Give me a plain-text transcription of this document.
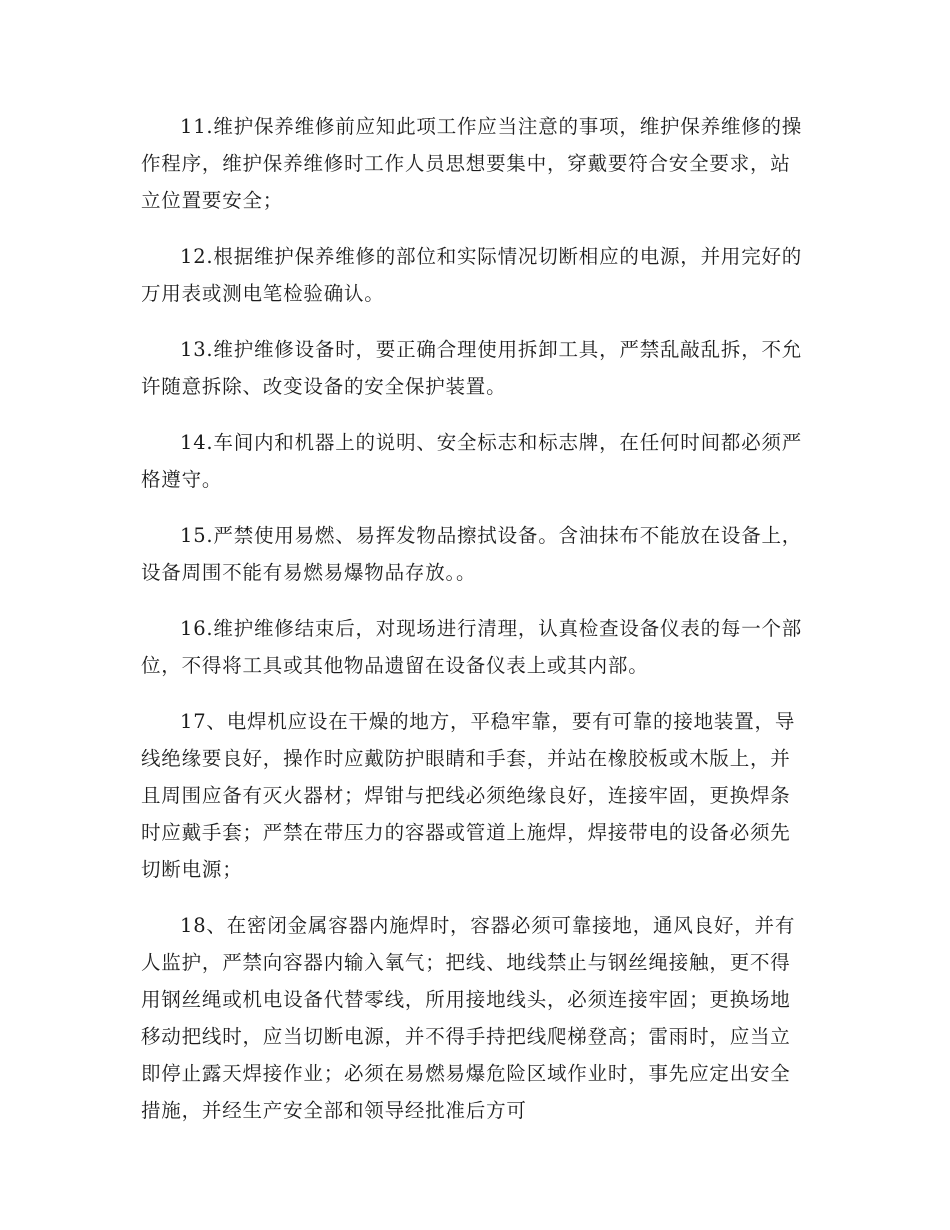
11.维护保养维修前应知此项工作应当注意的事项，维护保养维修的操作程序，维护保养维修时工作人员思想要集中，穿戴要符合安全要求，站立位置要安全；

12.根据维护保养维修的部位和实际情况切断相应的电源，并用完好的万用表或测电笔检验确认。

13.维护维修设备时，要正确合理使用拆卸工具，严禁乱敲乱拆，不允许随意拆除、改变设备的安全保护装置。

14.车间内和机器上的说明、安全标志和标志牌，在任何时间都必须严格遵守。

15.严禁使用易燃、易挥发物品擦拭设备。含油抹布不能放在设备上，设备周围不能有易燃易爆物品存放。。

16.维护维修结束后，对现场进行清理，认真检查设备仪表的每一个部位，不得将工具或其他物品遗留在设备仪表上或其内部。

17、电焊机应设在干燥的地方，平稳牢靠，要有可靠的接地装置，导线绝缘要良好，操作时应戴防护眼睛和手套，并站在橡胶板或木版上，并且周围应备有灭火器材；焊钳与把线必须绝缘良好，连接牢固，更换焊条时应戴手套；严禁在带压力的容器或管道上施焊，焊接带电的设备必须先切断电源；

18、在密闭金属容器内施焊时，容器必须可靠接地，通风良好，并有人监护，严禁向容器内输入氧气；把线、地线禁止与钢丝绳接触，更不得用钢丝绳或机电设备代替零线，所用接地线头，必须连接牢固；更换场地移动把线时，应当切断电源，并不得手持把线爬梯登高；雷雨时，应当立即停止露天焊接作业；必须在易燃易爆危险区域作业时，事先应定出安全措施，并经生产安全部和领导经批准后方可
